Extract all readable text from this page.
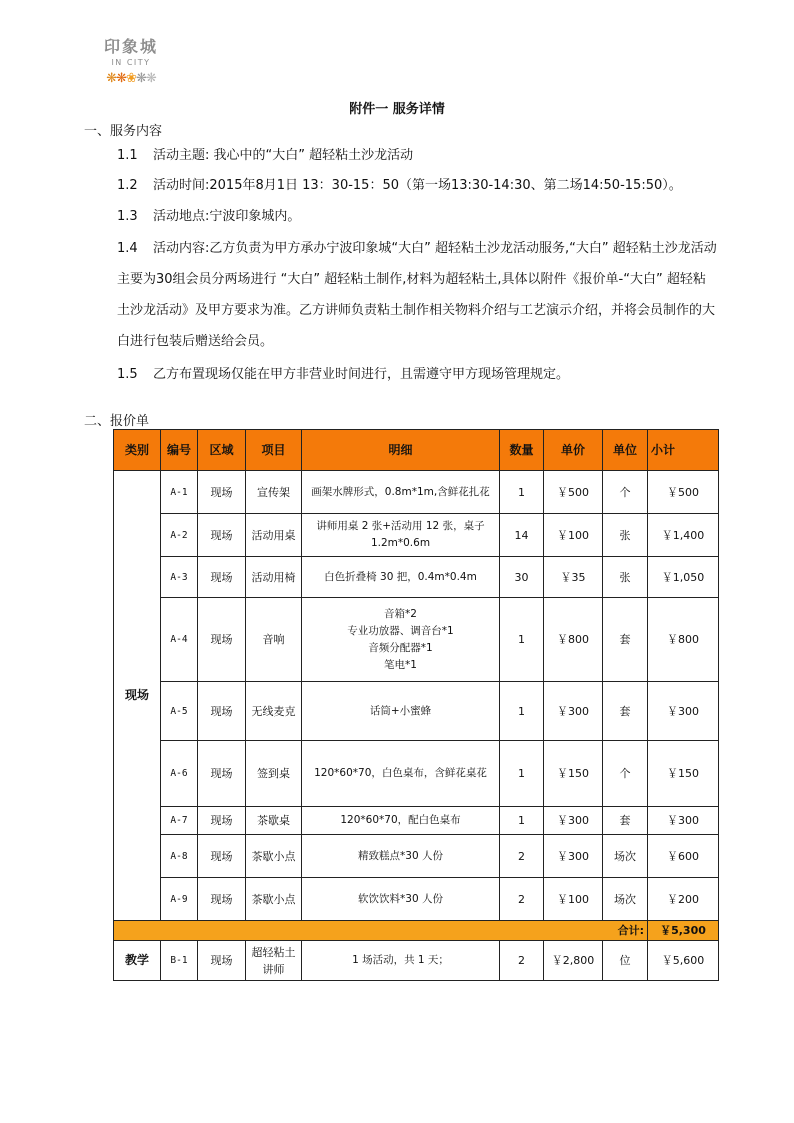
印象城
IN CITY
❋❋❀❋❋
附件一 服务详情
一、服务内容
1.1 活动主题: 我心中的“大白” 超轻粘土沙龙活动
1.2 活动时间:2015年8月1日 13：30-15：50（第一场13:30-14:30、第二场14:50-15:50）。
1.3 活动地点:宁波印象城内。
1.4 活动内容:乙方负责为甲方承办宁波印象城“大白” 超轻粘土沙龙活动服务,“大白” 超轻粘土沙龙活动主要为30组会员分两场进行 “大白” 超轻粘土制作,材料为超轻粘土,具体以附件《报价单-“大白” 超轻粘土沙龙活动》及甲方要求为准。乙方讲师负责粘土制作相关物料介绍与工艺演示介绍，并将会员制作的大白进行包装后赠送给会员。
1.5 乙方布置现场仅能在甲方非营业时间进行，且需遵守甲方现场管理规定。
二、报价单
类别	编号	区域	项目	明细	数量	单价	单位	小计
现场	A-1	现场	宣传架	画架水牌形式，0.8m*1m,含鲜花扎花	1	￥500	个	￥500
	A-2	现场	活动用桌	讲师用桌 2 张+活动用 12 张，桌子1.2m*0.6m	14	￥100	张	￥1,400
	A-3	现场	活动用椅	白色折叠椅 30 把，0.4m*0.4m	30	￥35	张	￥1,050
	A-4	现场	音响	音箱*2
专业功放器、调音台*1
音频分配器*1
笔电*1	1	￥800	套	￥800
	A-5	现场	无线麦克	话筒+小蜜蜂	1	￥300	套	￥300
	A-6	现场	签到桌	120*60*70，白色桌布，含鲜花桌花	1	￥150	个	￥150
	A-7	现场	茶歇桌	120*60*70，配白色桌布	1	￥300	套	￥300
	A-8	现场	茶歇小点	精致糕点*30 人份	2	￥300	场次	￥600
	A-9	现场	茶歇小点	软饮饮料*30 人份	2	￥100	场次	￥200
合计:								￥5,300
教学	B-1	现场	超轻粘土讲师	1 场活动，共 1 天；	2	￥2,800	位	￥5,600
